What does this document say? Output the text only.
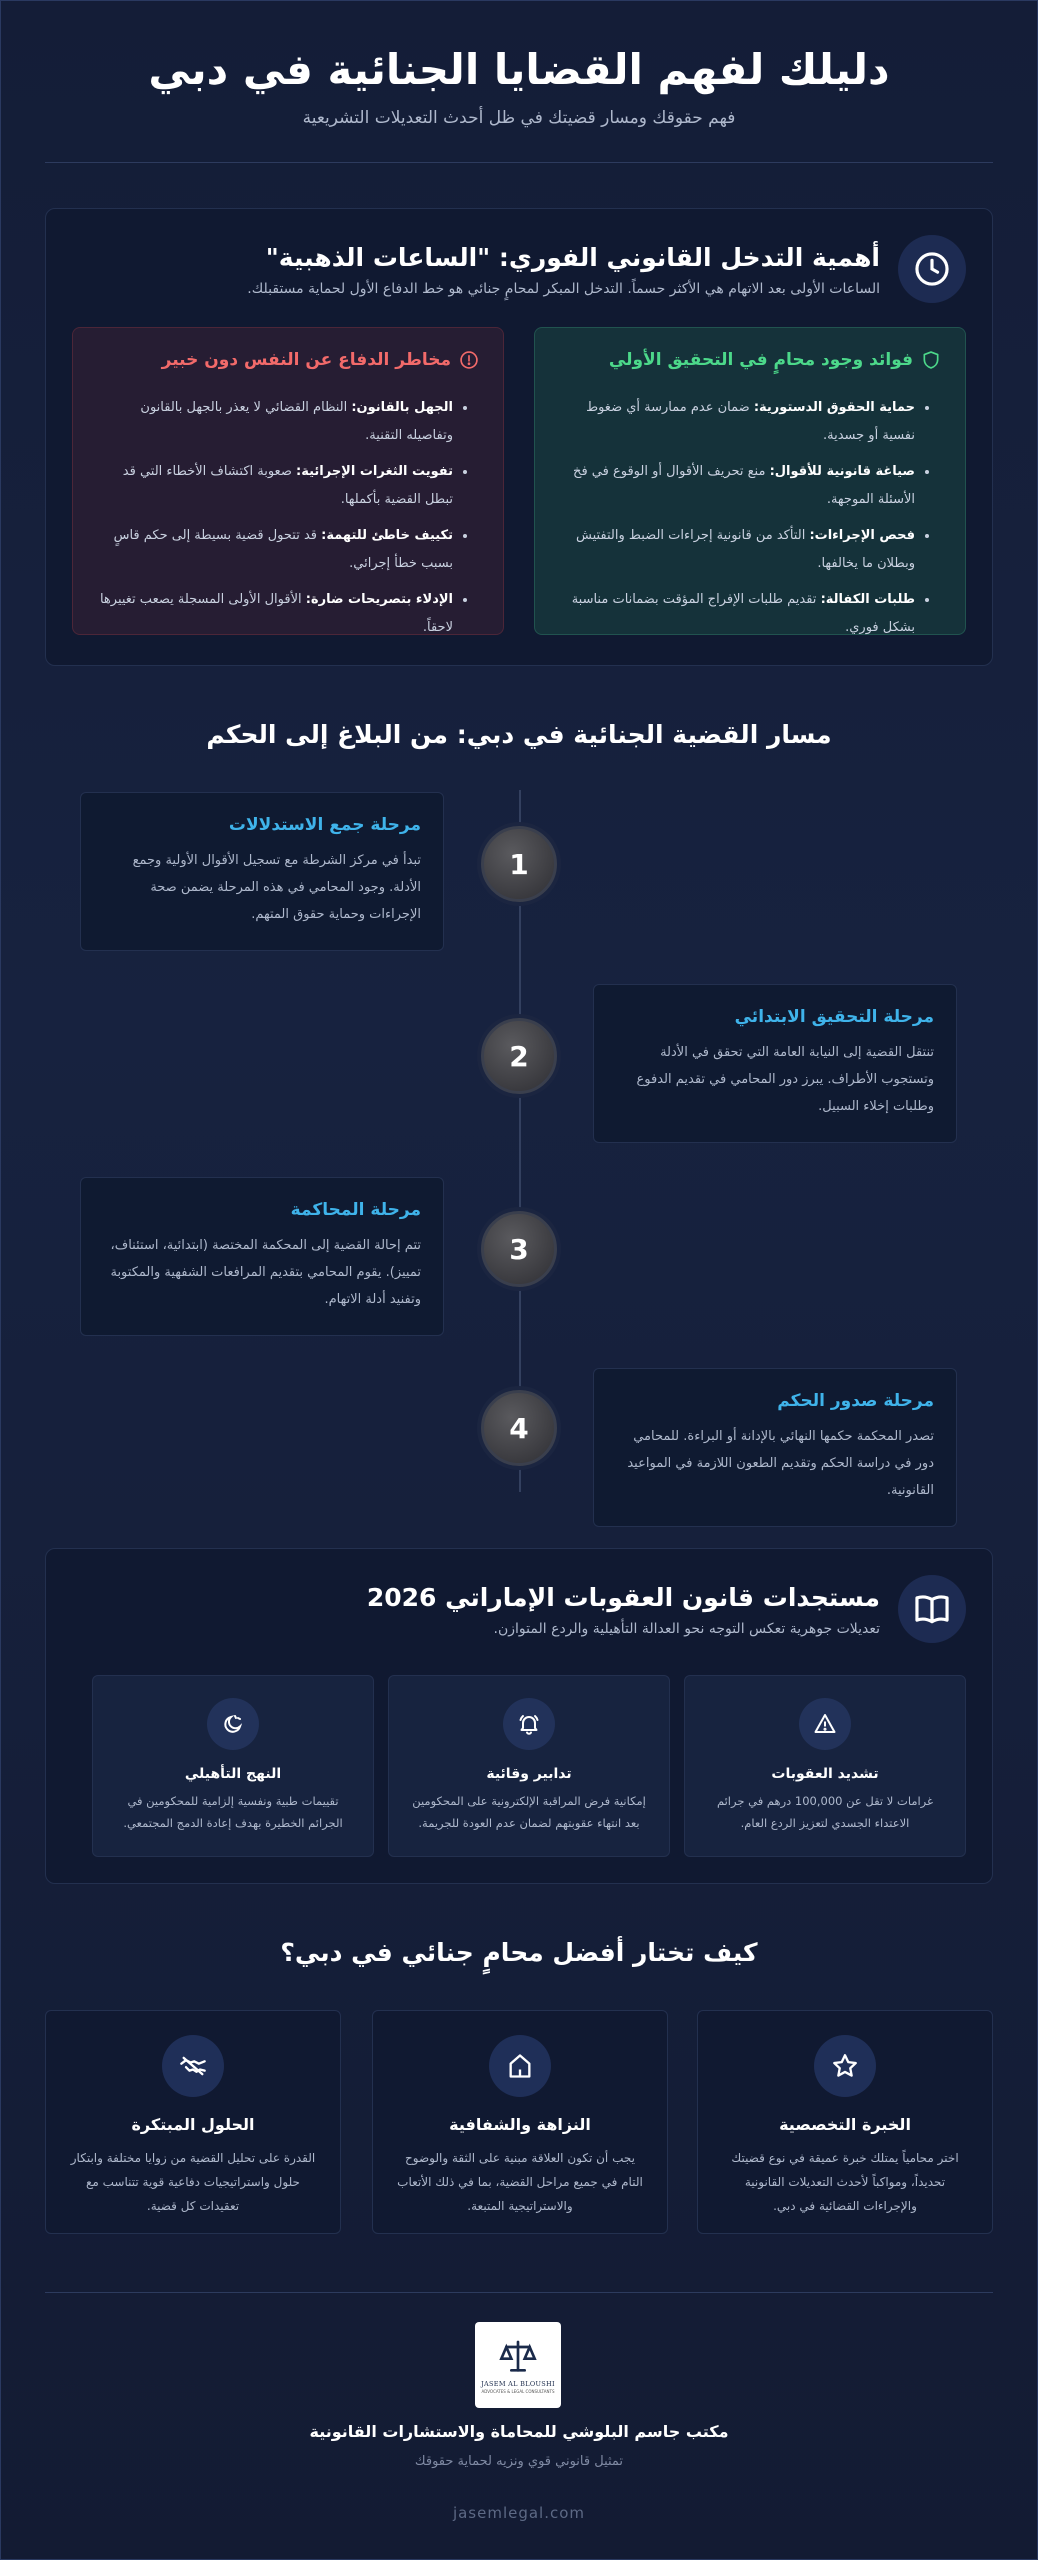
دليلك لفهم القضايا الجنائية في دبي

فهم حقوقك ومسار قضيتك في ظل أحدث التعديلات التشريعية

أهمية التدخل القانوني الفوري: "الساعات الذهبية"
الساعات الأولى بعد الاتهام هي الأكثر حسماً. التدخل المبكر لمحامٍ جنائي هو خط الدفاع الأول لحماية مستقبلك.
فوائد وجود محامٍ في التحقيق الأولي
• حماية الحقوق الدستورية: ضمان عدم ممارسة أي ضغوط نفسية أو جسدية.
• صياغة قانونية للأقوال: منع تحريف الأقوال أو الوقوع في فخ الأسئلة الموجهة.
• فحص الإجراءات: التأكد من قانونية إجراءات الضبط والتفتيش وبطلان ما يخالفها.
• طلبات الكفالة: تقديم طلبات الإفراج المؤقت بضمانات مناسبة بشكل فوري.
مخاطر الدفاع عن النفس دون خبير
• الجهل بالقانون: النظام القضائي لا يعذر بالجهل بالقانون وتفاصيله التقنية.
• تفويت الثغرات الإجرائية: صعوبة اكتشاف الأخطاء التي قد تبطل القضية بأكملها.
• تكييف خاطئ للتهمة: قد تتحول قضية بسيطة إلى حكم قاسٍ بسبب خطأ إجرائي.
• الإدلاء بتصريحات ضارة: الأقوال الأولى المسجلة يصعب تغييرها لاحقاً.
مسار القضية الجنائية في دبي: من البلاغ إلى الحكم
1
مرحلة جمع الاستدلالات

تبدأ في مركز الشرطة مع تسجيل الأقوال الأولية وجمع الأدلة. وجود المحامي في هذه المرحلة يضمن صحة الإجراءات وحماية حقوق المتهم.

2
مرحلة التحقيق الابتدائي

تنتقل القضية إلى النيابة العامة التي تحقق في الأدلة وتستجوب الأطراف. يبرز دور المحامي في تقديم الدفوع وطلبات إخلاء السبيل.

3
مرحلة المحاكمة

تتم إحالة القضية إلى المحكمة المختصة (ابتدائية، استئناف، تمييز). يقوم المحامي بتقديم المرافعات الشفهية والمكتوبة وتفنيد أدلة الاتهام.

4
مرحلة صدور الحكم

تصدر المحكمة حكمها النهائي بالإدانة أو البراءة. للمحامي دور في دراسة الحكم وتقديم الطعون اللازمة في المواعيد القانونية.

مستجدات قانون العقوبات الإماراتي 2026
تعديلات جوهرية تعكس التوجه نحو العدالة التأهيلية والردع المتوازن.
تشديد العقوبات

غرامات لا تقل عن 100,000 درهم في جرائم الاعتداء الجسدي لتعزيز الردع العام.

تدابير وقائية

إمكانية فرض المراقبة الإلكترونية على المحكومين بعد انتهاء عقوبتهم لضمان عدم العودة للجريمة.

النهج التأهيلي

تقييمات طبية ونفسية إلزامية للمحكومين في الجرائم الخطيرة بهدف إعادة الدمج المجتمعي.

كيف تختار أفضل محامٍ جنائي في دبي؟
الخبرة التخصصية

اختر محامياً يمتلك خبرة عميقة في نوع قضيتك تحديداً، ومواكباً لأحدث التعديلات القانونية والإجراءات القضائية في دبي.

النزاهة والشفافية

يجب أن تكون العلاقة مبنية على الثقة والوضوح التام في جميع مراحل القضية، بما في ذلك الأتعاب والاستراتيجية المتبعة.

الحلول المبتكرة

القدرة على تحليل القضية من زوايا مختلفة وابتكار حلول واستراتيجيات دفاعية قوية تتناسب مع تعقيدات كل قضية.

JASEM AL BLOUSHI
ADVOCATES & LEGAL CONSULTANTS
مكتب جاسم البلوشي للمحاماة والاستشارات القانونية
تمثيل قانوني قوي ونزيه لحماية حقوقك
jasemlegal.com
